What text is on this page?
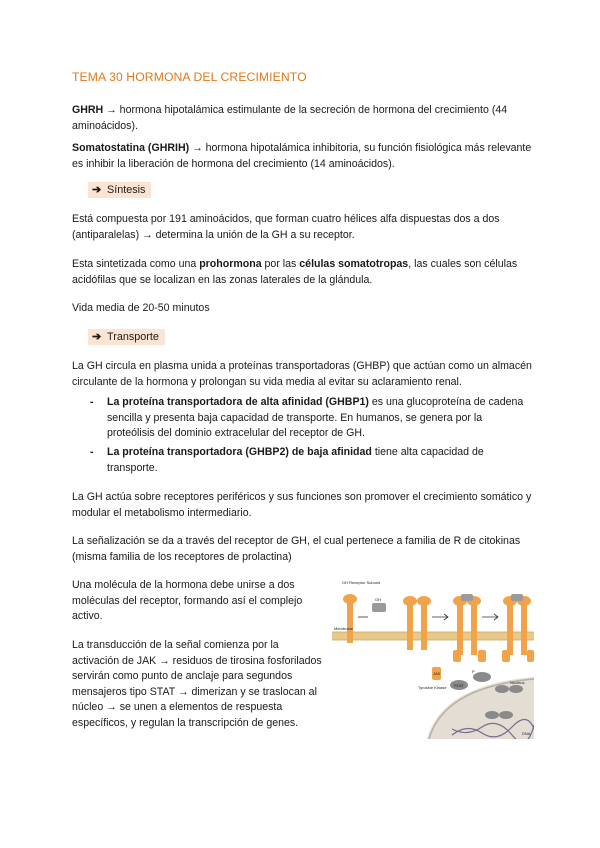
TEMA 30 HORMONA DEL CRECIMIENTO

GHRH → hormona hipotalámica estimulante de la secreción de hormona del crecimiento (44 aminoácidos).

Somatostatina (GHRIH) → hormona hipotalámica inhibitoria, su función fisiológica más relevante es inhibir la liberación de hormona del crecimiento (14 aminoácidos).

➔ Síntesis

Está compuesta por 191 aminoácidos, que forman cuatro hélices alfa dispuestas dos a dos (antiparalelas) → determina la unión de la GH a su receptor.

Esta sintetizada como una prohormona por las células somatotropas, las cuales son células acidófilas que se localizan en las zonas laterales de la glándula.

Vida media de 20-50 minutos

➔ Transporte

La GH circula en plasma unida a proteínas transportadoras (GHBP) que actúan como un almacén circulante de la hormona y prolongan su vida media al evitar su aclaramiento renal.

- La proteína transportadora de alta afinidad (GHBP1) es una glucoproteína de cadena sencilla y presenta baja capacidad de transporte. En humanos, se genera por la proteólisis del dominio extracelular del receptor de GH.
- La proteína transportadora (GHBP2) de baja afinidad tiene alta capacidad de transporte.

La GH actúa sobre receptores periféricos y sus funciones son promover el crecimiento somático y modular el metabolismo intermediario.

La señalización se da a través del receptor de GH, el cual pertenece a familia de R de citokinas (misma familia de los receptores de prolactina)

Una molécula de la hormona debe unirse a dos moléculas del receptor, formando así el complejo activo.
La transducción de la señal comienza por la activación de JAK → residuos de tirosina fosforilados servirán como punto de anclaje para segundos mensajeros tipo STAT → dimerizan y se traslocan al núcleo → se unen a elementos de respuesta específicos, y regulan la transcripción de genes.
GH Receptor Subunit
GH
Membrane
JAK
Tyrosine Kinase STAT
P
Nucleus
DNA
